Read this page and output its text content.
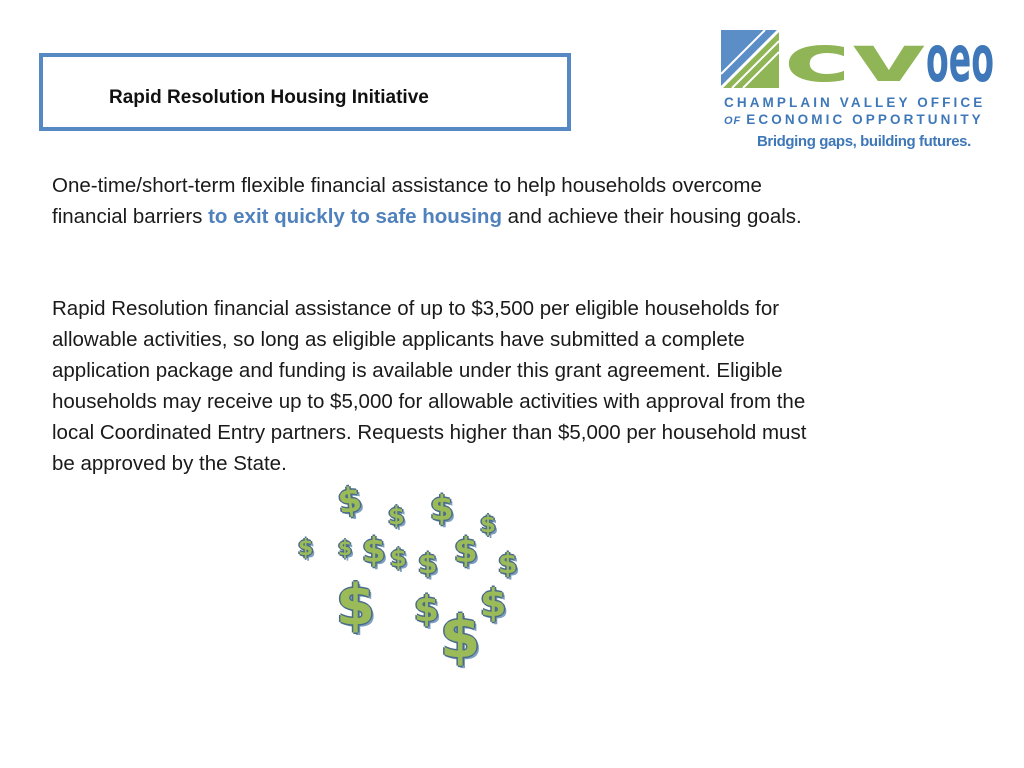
Rapid Resolution Housing Initiative
cv oeo
CHAMPLAIN VALLEY OFFICE
OF ECONOMIC OPPORTUNITY
Bridging gaps, building futures.

One-time/short-term flexible financial assistance to help households overcome financial barriers to exit quickly to safe housing and achieve their housing goals.

Rapid Resolution financial assistance of up to $3,500 per eligible households for allowable activities, so long as eligible applicants have submitted a complete application package and funding is available under this grant agreement. Eligible households may receive up to $5,000 for allowable activities with approval from the local Coordinated Entry partners. Requests higher than $5,000 per household must be approved by the State.

$ $ $ $
$ $ $ $ $ $ $
$ $ $
$
